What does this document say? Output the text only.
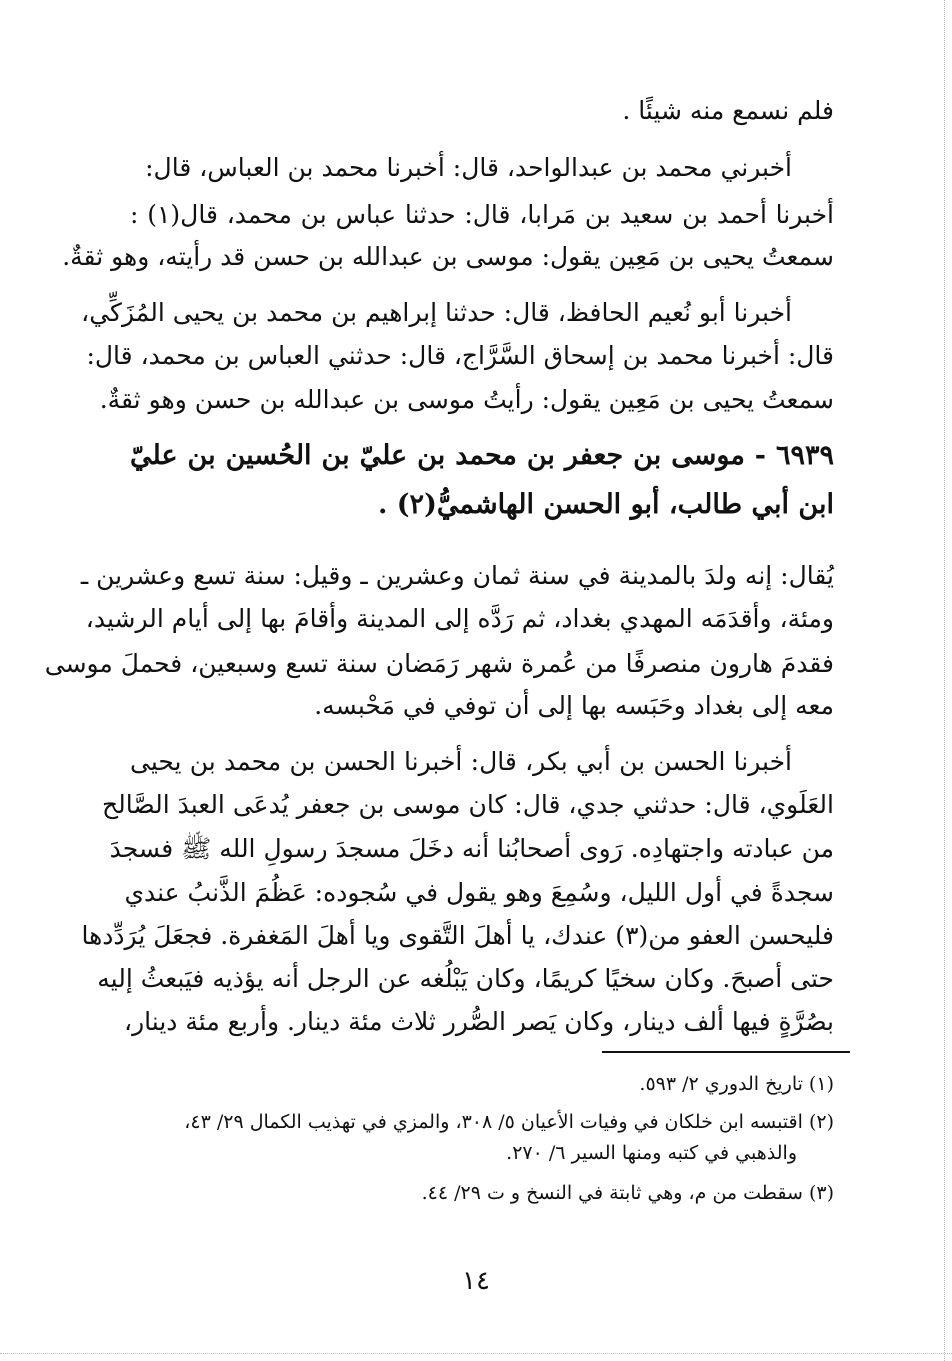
فلم نسمع منه شيئًا .
أخبرني محمد بن عبدالواحد، قال: أخبرنا محمد بن العباس، قال:
أخبرنا أحمد بن سعيد بن مَرابا، قال: حدثنا عباس بن محمد، قال(١) :
سمعتُ يحيى بن مَعِين يقول: موسى بن عبدالله بن حسن قد رأيته، وهو ثقةٌ.
أخبرنا أبو نُعيم الحافظ، قال: حدثنا إبراهيم بن محمد بن يحيى المُزَكِّي،
قال: أخبرنا محمد بن إسحاق السَّرَّاج، قال: حدثني العباس بن محمد، قال:
سمعتُ يحيى بن مَعِين يقول: رأيتُ موسى بن عبدالله بن حسن وهو ثقةٌ.
٦٩٣٩ - موسى بن جعفر بن محمد بن عليّ بن الحُسين بن عليّ
ابن أبي طالب، أبو الحسن الهاشميُّ(٢) .
يُقال: إنه ولدَ بالمدينة في سنة ثمان وعشرين ـ وقيل: سنة تسع وعشرين ـ
ومئة، وأقدَمَه المهدي بغداد، ثم رَدَّه إلى المدينة وأقامَ بها إلى أيام الرشيد،
فقدمَ هارون منصرفًا من عُمرة شهر رَمَضان سنة تسع وسبعين، فحملَ موسى
معه إلى بغداد وحَبَسه بها إلى أن توفي في مَحْبسه.
أخبرنا الحسن بن أبي بكر، قال: أخبرنا الحسن بن محمد بن يحيى
العَلَوي، قال: حدثني جدي، قال: كان موسى بن جعفر يُدعَى العبدَ الصَّالح
من عبادته واجتهادِه. رَوى أصحابُنا أنه دخَلَ مسجدَ رسولِ الله ﷺ فسجدَ
سجدةً في أول الليل، وسُمِعَ وهو يقول في سُجوده: عَظُمَ الذَّنبُ عندي
فليحسن العفو من(٣) عندك، يا أهلَ التَّقوى ويا أهلَ المَغفرة. فجعَلَ يُرَدِّدها
حتى أصبحَ. وكان سخيًا كريمًا، وكان يَبْلُغه عن الرجل أنه يؤذيه فيَبعثُ إليه
بصُرَّةٍ فيها ألف دينار، وكان يَصر الصُّرر ثلاث مئة دينار. وأربع مئة دينار،
(١) تاريخ الدوري ٢/ ٥٩٣.
(٢) اقتبسه ابن خلكان في وفيات الأعيان ٥/ ٣٠٨، والمزي في تهذيب الكمال ٢٩/ ٤٣،
والذهبي في كتبه ومنها السير ٦/ ٢٧٠.
(٣) سقطت من م، وهي ثابتة في النسخ و ت ٢٩/ ٤٤.
١٤
